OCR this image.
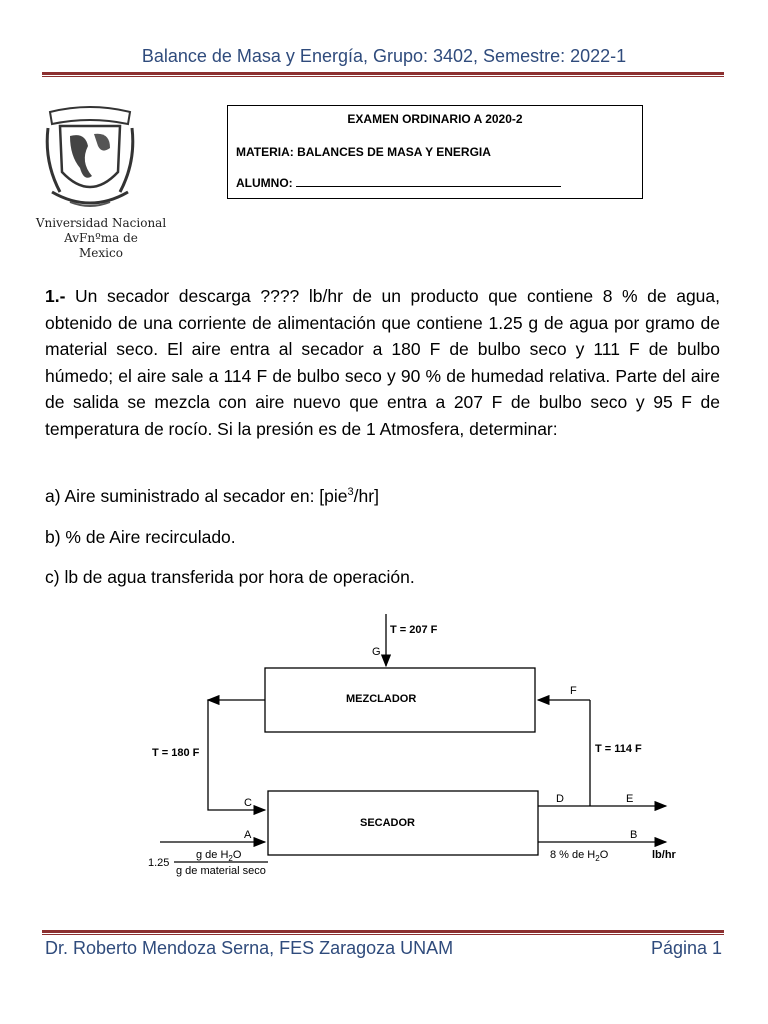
Balance de Masa y Energía, Grupo: 3402, Semestre: 2022-1
Vniversidad Nacional
AvFnºma de
Mexico
EXAMEN ORDINARIO A 2020-2
MATERIA: BALANCES DE MASA Y ENERGIA
ALUMNO:
1.- Un secador descarga ???? lb/hr de un producto que contiene 8 % de agua, obtenido de una corriente de alimentación que contiene 1.25 g de agua por gramo de material seco. El aire entra al secador a 180 F de bulbo seco y 111 F de bulbo húmedo; el aire sale a 114 F de bulbo seco y 90 % de humedad relativa. Parte del aire de salida se mezcla con aire nuevo que entra a 207 F de bulbo seco y 95 F de temperatura de rocío. Si la presión es de 1 Atmosfera, determinar:
a) Aire suministrado al secador en: [pie$^3$/hr]
b) % de Aire recirculado.
c) lb de agua transferida por hora de operación.
T = 207 F
G
MEZCLADOR
SECADOR
T = 180 F	T = 114 F
F
C
A
D	E
B
1.25
g de $H_2O$
g de material seco
8 % de $H_2O$	lb/hr
Dr. Roberto Mendoza Serna, FES Zaragoza UNAM	Página 1
